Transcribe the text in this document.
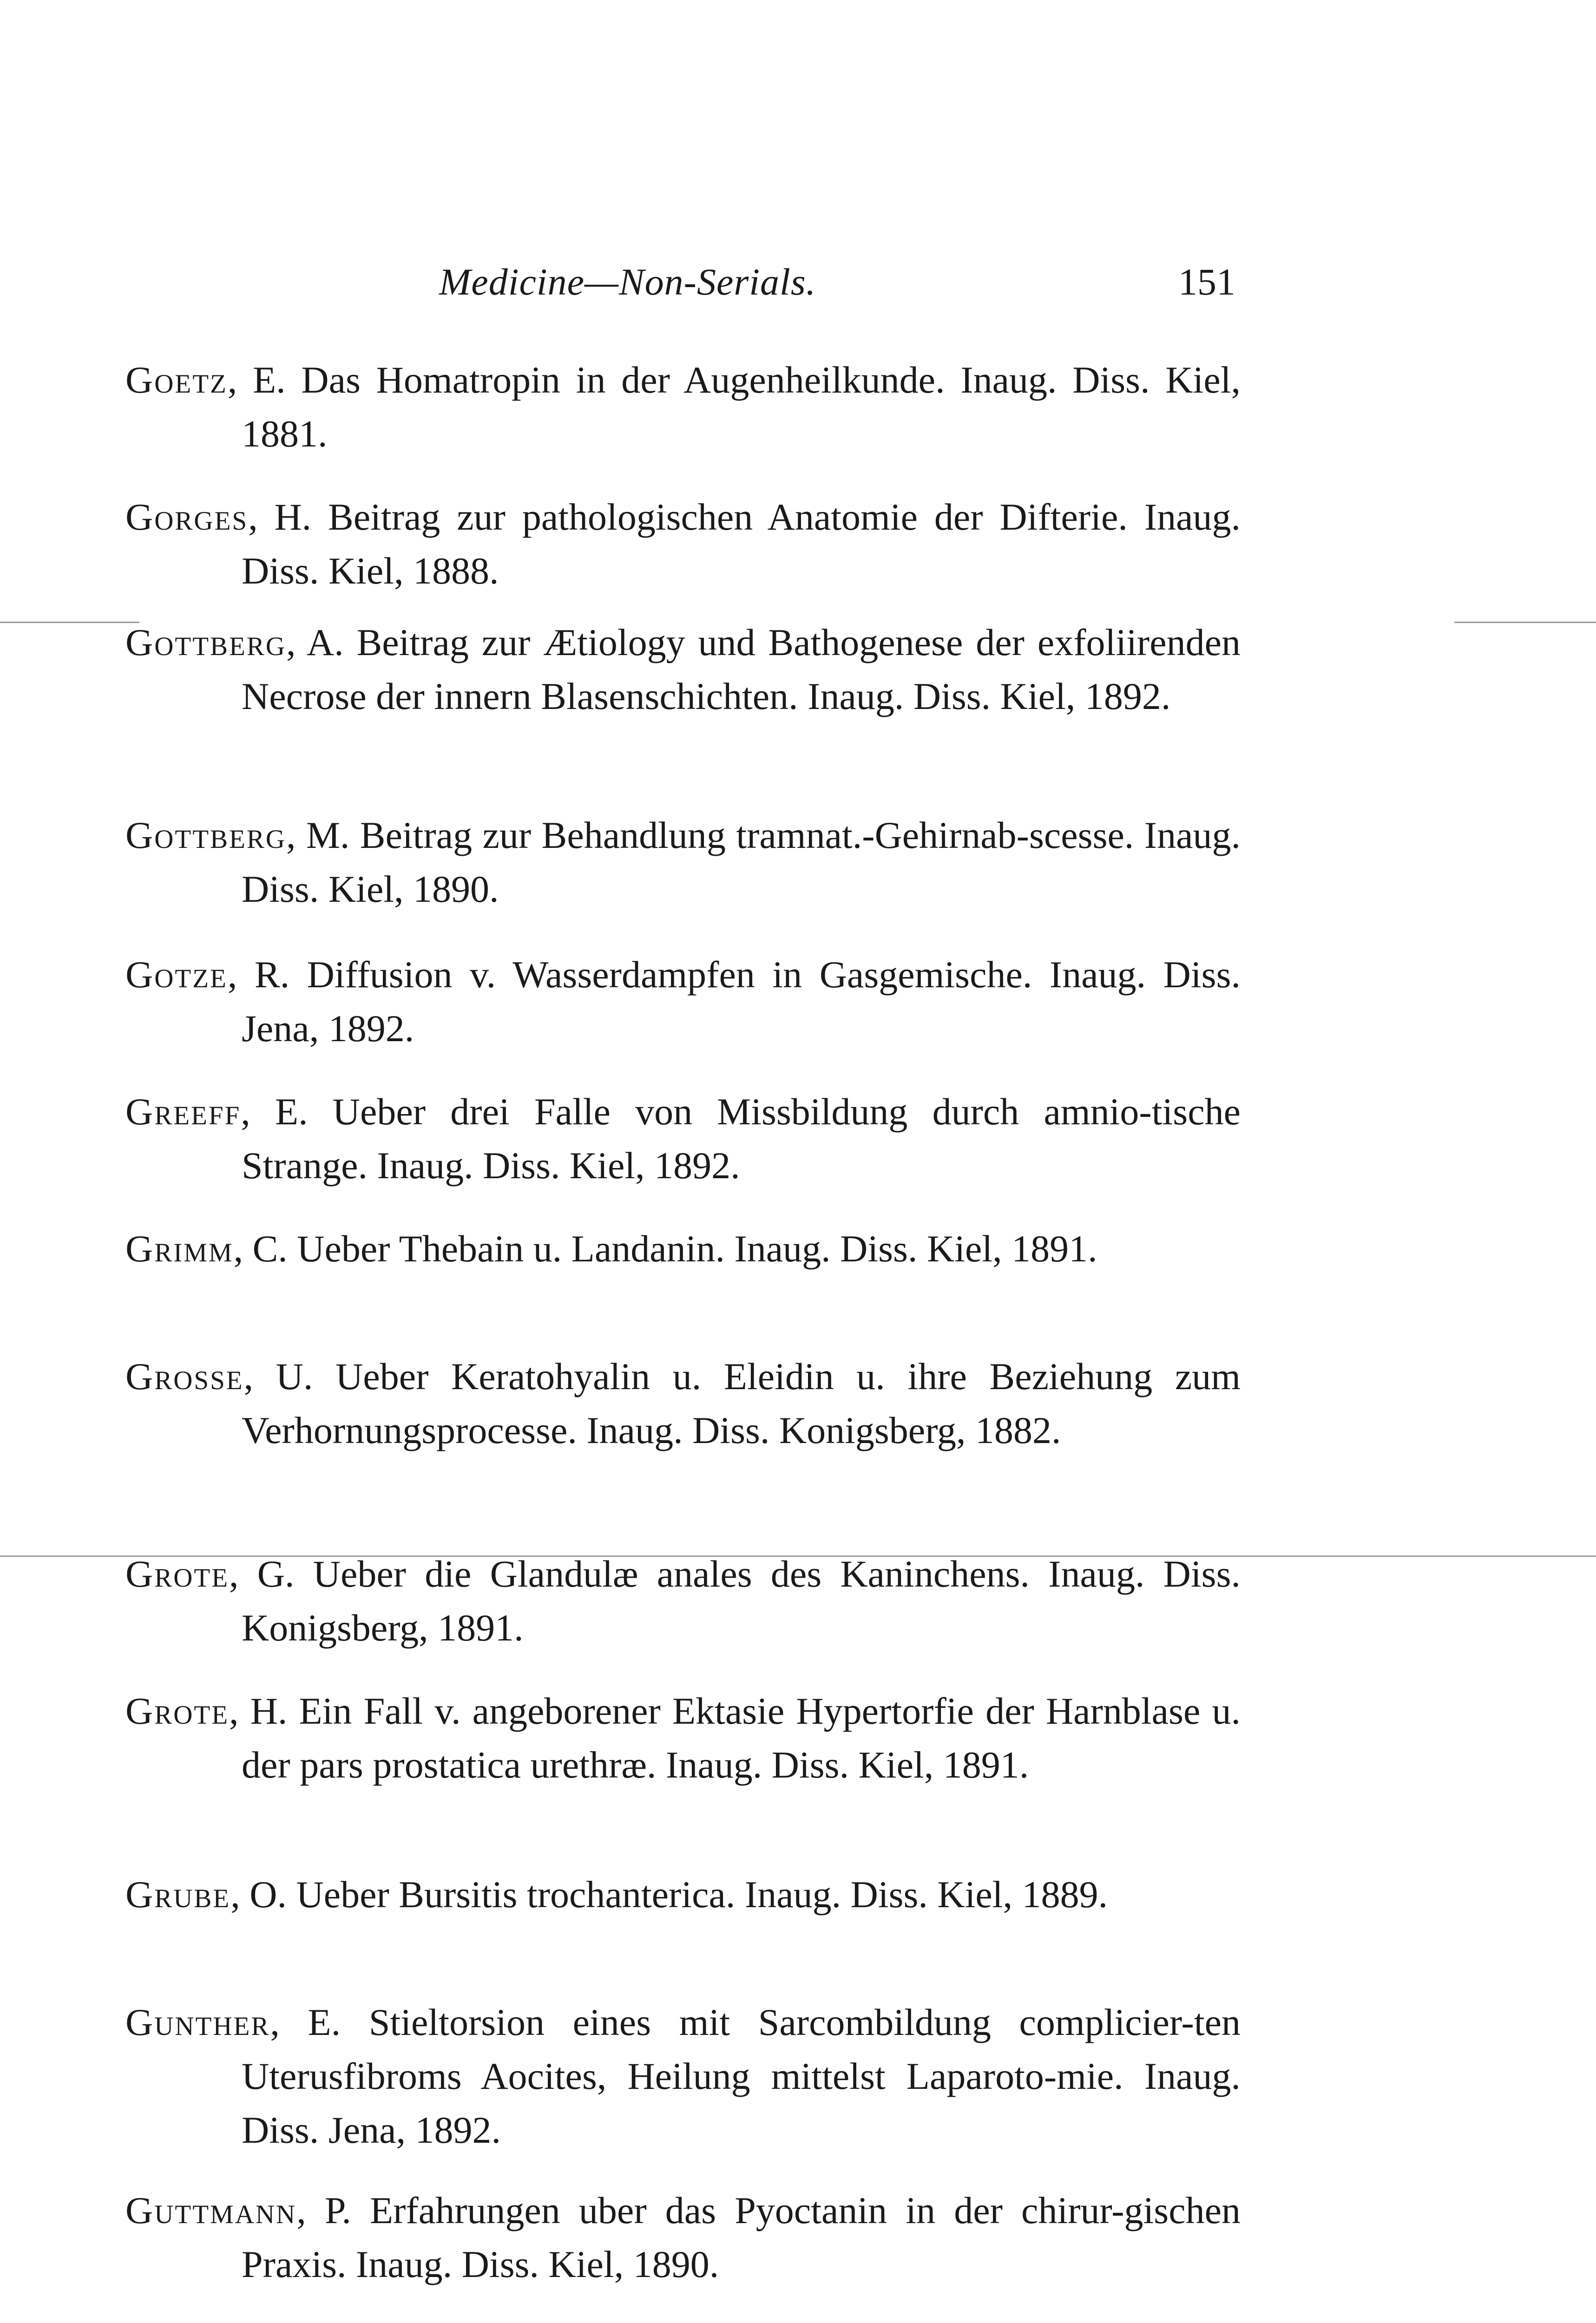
Medicine—Non-Serials.	151
Goetz, E. Das Homatropin in der Augenheilkunde. Inaug. Diss. Kiel, 1881.
Gorges, H. Beitrag zur pathologischen Anatomie der Difterie. Inaug. Diss. Kiel, 1888.
Gottberg, A. Beitrag zur Ætiology und Bathogenese der exfoliirenden Necrose der innern Blasenschichten. Inaug. Diss. Kiel, 1892.
Gottberg, M. Beitrag zur Behandlung tramnat.-Gehirnab-scesse. Inaug. Diss. Kiel, 1890.
Gotze, R. Diffusion v. Wasserdampfen in Gasgemische. Inaug. Diss. Jena, 1892.
Greeff, E. Ueber drei Falle von Missbildung durch amnio-tische Strange. Inaug. Diss. Kiel, 1892.
Grimm, C. Ueber Thebain u. Landanin. Inaug. Diss. Kiel, 1891.
Grosse, U. Ueber Keratohyalin u. Eleidin u. ihre Beziehung zum Verhornungsprocesse. Inaug. Diss. Konigsberg, 1882.
Grote, G. Ueber die Glandulæ anales des Kaninchens. Inaug. Diss. Konigsberg, 1891.
Grote, H. Ein Fall v. angeborener Ektasie Hypertorfie der Harnblase u. der pars prostatica urethræ. Inaug. Diss. Kiel, 1891.
Grube, O. Ueber Bursitis trochanterica. Inaug. Diss. Kiel, 1889.
Gunther, E. Stieltorsion eines mit Sarcombildung complicier-ten Uterusfibroms Aocites, Heilung mittelst Laparoto-mie. Inaug. Diss. Jena, 1892.
Guttmann, P. Erfahrungen uber das Pyoctanin in der chirur-gischen Praxis. Inaug. Diss. Kiel, 1890.
